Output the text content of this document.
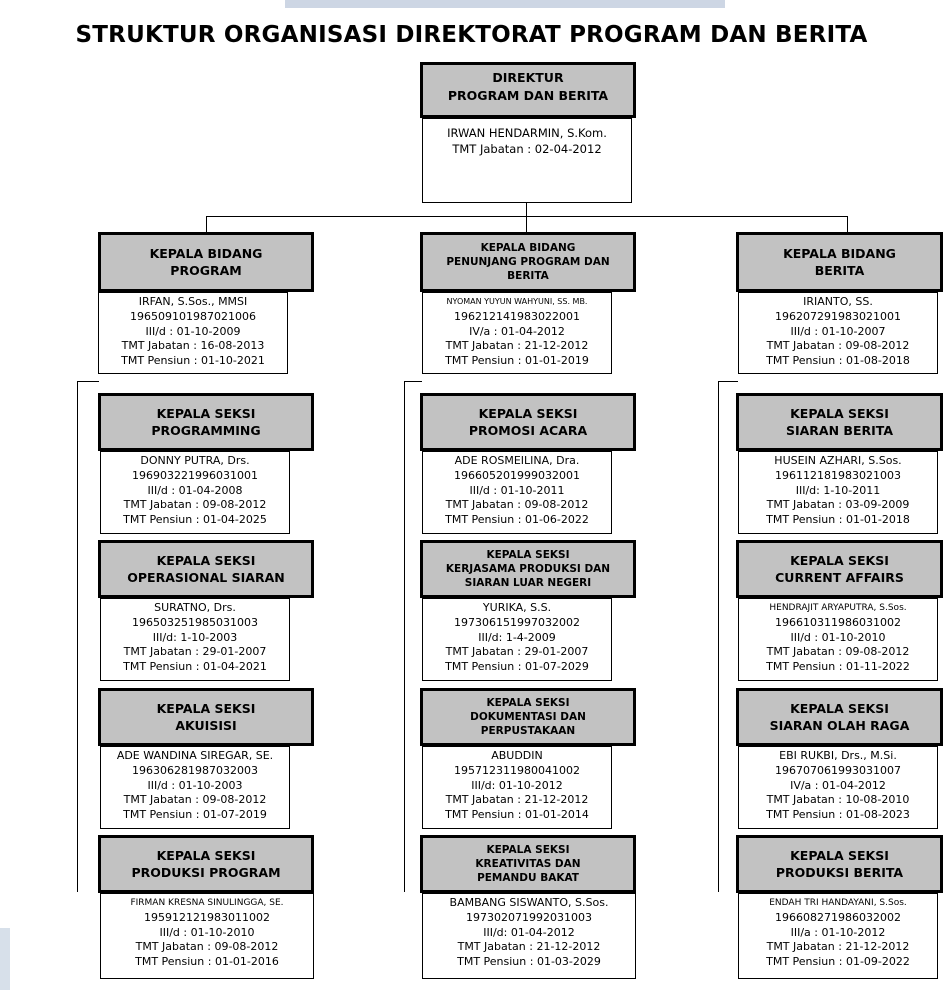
STRUKTUR ORGANISASI DIREKTORAT PROGRAM DAN BERITA
DIREKTUR
PROGRAM DAN BERITA
IRWAN HENDARMIN, S.Kom.
TMT Jabatan : 02-04-2012
KEPALA BIDANG
PROGRAM
IRFAN, S.Sos., MMSI
196509101987021006
III/d : 01-10-2009
TMT Jabatan : 16-08-2013
TMT Pensiun : 01-10-2021
KEPALA SEKSI
PROGRAMMING
DONNY PUTRA, Drs.
196903221996031001
III/d : 01-04-2008
TMT Jabatan : 09-08-2012
TMT Pensiun : 01-04-2025
KEPALA SEKSI
OPERASIONAL SIARAN
SURATNO, Drs.
196503251985031003
III/d: 1-10-2003
TMT Jabatan : 29-01-2007
TMT Pensiun : 01-04-2021
KEPALA SEKSI
AKUISISI
ADE WANDINA SIREGAR, SE.
196306281987032003
III/d : 01-10-2003
TMT Jabatan : 09-08-2012
TMT Pensiun : 01-07-2019
KEPALA SEKSI
PRODUKSI PROGRAM
FIRMAN KRESNA SINULINGGA, SE.
195912121983011002
III/d : 01-10-2010
TMT Jabatan : 09-08-2012
TMT Pensiun : 01-01-2016
KEPALA BIDANG
PENUNJANG PROGRAM DAN
BERITA
NYOMAN YUYUN WAHYUNI, SS. MB.
196212141983022001
IV/a : 01-04-2012
TMT Jabatan : 21-12-2012
TMT Pensiun : 01-01-2019
KEPALA SEKSI
PROMOSI ACARA
ADE ROSMEILINA, Dra.
196605201999032001
III/d : 01-10-2011
TMT Jabatan : 09-08-2012
TMT Pensiun : 01-06-2022
KEPALA SEKSI
KERJASAMA PRODUKSI DAN
SIARAN LUAR NEGERI
YURIKA, S.S.
197306151997032002
III/d: 1-4-2009
TMT Jabatan : 29-01-2007
TMT Pensiun : 01-07-2029
KEPALA SEKSI
DOKUMENTASI DAN
PERPUSTAKAAN
ABUDDIN
195712311980041002
III/d: 01-10-2012
TMT Jabatan : 21-12-2012
TMT Pensiun : 01-01-2014
KEPALA SEKSI
KREATIVITAS DAN
PEMANDU BAKAT
BAMBANG SISWANTO, S.Sos.
197302071992031003
III/d: 01-04-2012
TMT Jabatan : 21-12-2012
TMT Pensiun : 01-03-2029
KEPALA BIDANG
BERITA
IRIANTO, SS.
196207291983021001
III/d : 01-10-2007
TMT Jabatan : 09-08-2012
TMT Pensiun : 01-08-2018
KEPALA SEKSI
SIARAN BERITA
HUSEIN AZHARI, S.Sos.
196112181983021003
III/d: 1-10-2011
TMT Jabatan : 03-09-2009
TMT Pensiun : 01-01-2018
KEPALA SEKSI
CURRENT AFFAIRS
HENDRAJIT ARYAPUTRA, S.Sos.
196610311986031002
III/d : 01-10-2010
TMT Jabatan : 09-08-2012
TMT Pensiun : 01-11-2022
KEPALA SEKSI
SIARAN OLAH RAGA
EBI RUKBI, Drs., M.Si.
196707061993031007
IV/a : 01-04-2012
TMT Jabatan : 10-08-2010
TMT Pensiun : 01-08-2023
KEPALA SEKSI
PRODUKSI BERITA
ENDAH TRI HANDAYANI, S.Sos.
196608271986032002
III/a : 01-10-2012
TMT Jabatan : 21-12-2012
TMT Pensiun : 01-09-2022
